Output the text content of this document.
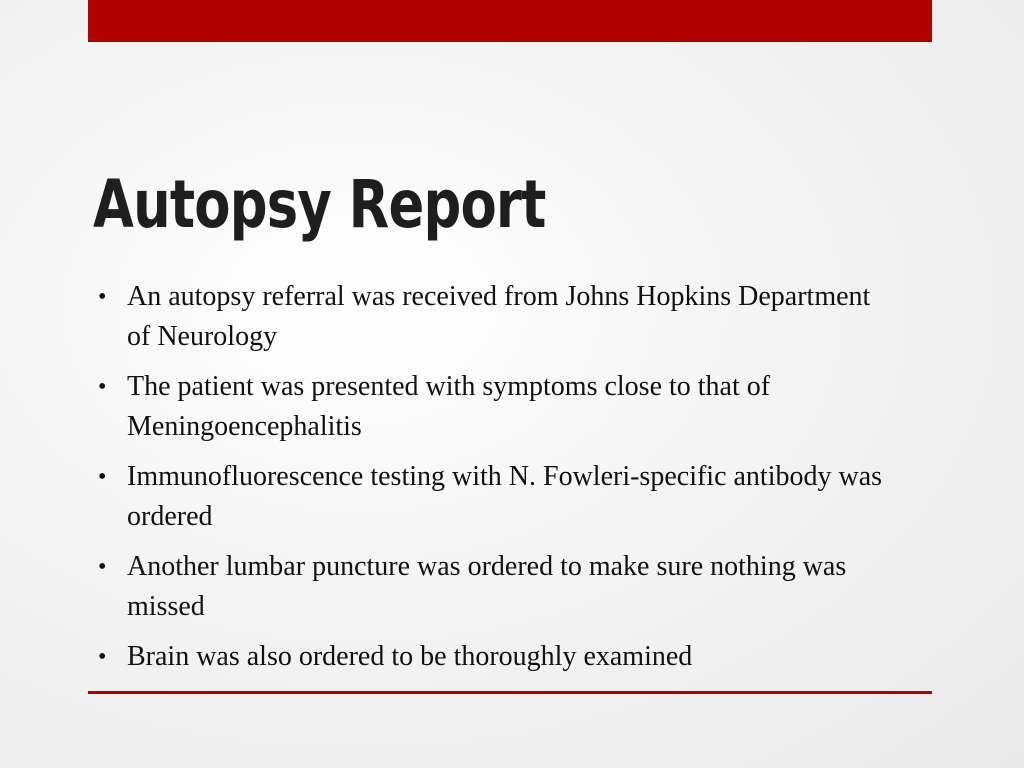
Autopsy Report
• An autopsy referral was received from Johns Hopkins Department of Neurology
• The patient was presented with symptoms close to that of Meningoencephalitis
• Immunofluorescence testing with N. Fowleri-specific antibody was ordered
• Another lumbar puncture was ordered to make sure nothing was missed
• Brain was also ordered to be thoroughly examined
